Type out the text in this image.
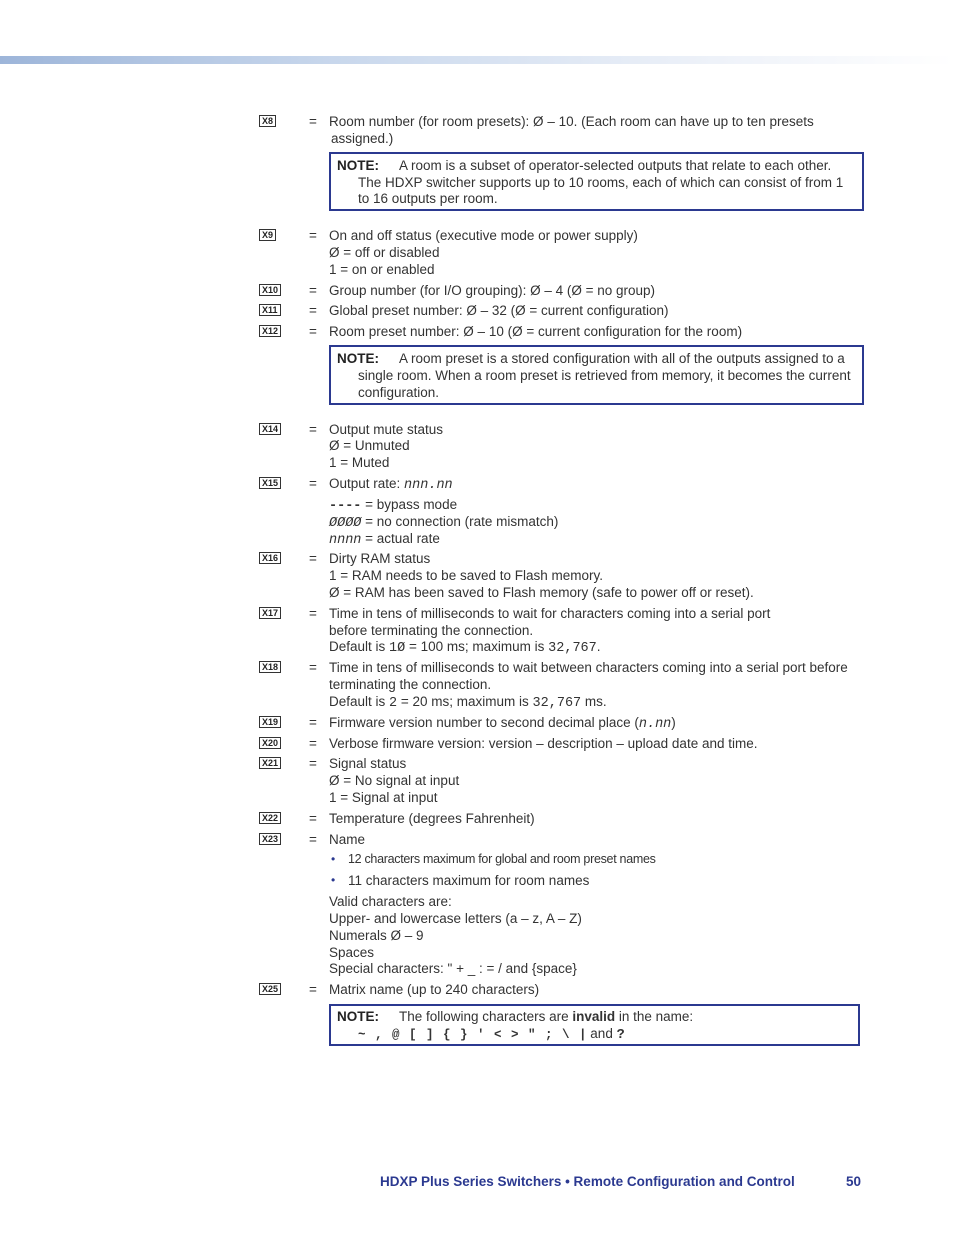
X8	= Room number (for room presets): Ø – 10. (Each room can have up to ten presets
assigned.)
NOTE: A room is a subset of operator-selected outputs that relate to each other.
The HDXP switcher supports up to 10 rooms, each of which can consist of from 1
to 16 outputs per room.
X9	= On and off status (executive mode or power supply)
Ø = off or disabled
1 = on or enabled
X10 = Group number (for I/O grouping): Ø – 4 (Ø = no group)
X11 = Global preset number: Ø – 32 (Ø = current configuration)
X12 = Room preset number: Ø – 10 (Ø = current configuration for the room)
NOTE: A room preset is a stored configuration with all of the outputs assigned to a
single room. When a room preset is retrieved from memory, it becomes the current
configuration.
X14 = Output mute status
Ø = Unmuted
1 = Muted
X15 = Output rate: nnn.nn
---- = bypass mode
ØØØØ = no connection (rate mismatch)
nnnn = actual rate
X16 = Dirty RAM status
1 = RAM needs to be saved to Flash memory.
Ø = RAM has been saved to Flash memory (safe to power off or reset).
X17 = Time in tens of milliseconds to wait for characters coming into a serial port
before terminating the connection.
Default is 1Ø = 100 ms; maximum is 32,767.
X18 = Time in tens of milliseconds to wait between characters coming into a serial port before
terminating the connection.
Default is 2 = 20 ms; maximum is 32,767 ms.
X19 = Firmware version number to second decimal place (n.nn)
X20 = Verbose firmware version: version – description – upload date and time.
X21 = Signal status
Ø = No signal at input
1 = Signal at input
X22 = Temperature (degrees Fahrenheit)
X23 = Name
• 12 characters maximum for global and room preset names
• 11 characters maximum for room names
Valid characters are:
Upper- and lowercase letters (a – z, A – Z)
Numerals Ø – 9
Spaces
Special characters: " + _ : = / and {space}
X25 = Matrix name (up to 240 characters)
NOTE: The following characters are invalid in the name:
~ , @ [ ] { } ' < > " ; \ | and ?
HDXP Plus Series Switchers • Remote Configuration and Control	50
